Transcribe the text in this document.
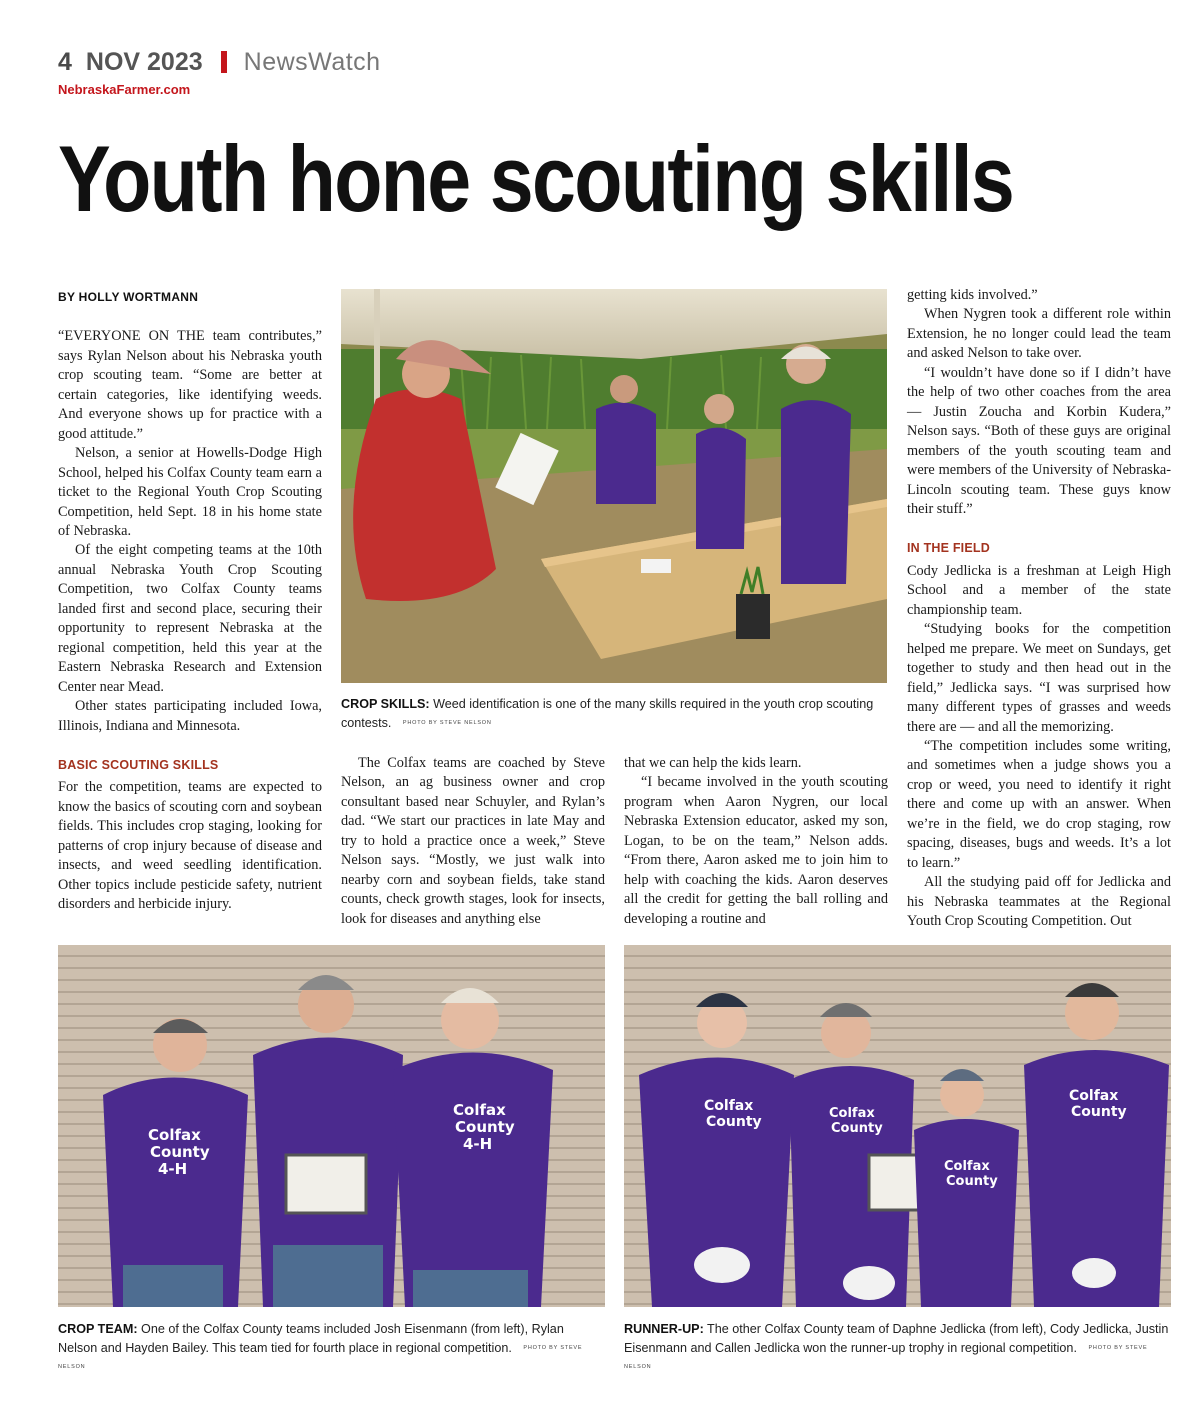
4 NOV 2023 NewsWatch
NebraskaFarmer.com
Youth hone scouting skills
BY HOLLY WORTMANN

“EVERYONE ON THE team contributes,” says Rylan Nelson about his Nebraska youth crop scouting team. “Some are better at certain categories, like identifying weeds. And everyone shows up for practice with a good attitude.”

Nelson, a senior at Howells-Dodge High School, helped his Colfax County team earn a ticket to the Regional Youth Crop Scouting Competition, held Sept. 18 in his home state of Nebraska.

Of the eight competing teams at the 10th annual Nebraska Youth Crop Scouting Competition, two Colfax County teams landed first and second place, securing their opportunity to represent Nebraska at the regional competition, held this year at the Eastern Nebraska Research and Extension Center near Mead.

Other states participating included Iowa, Illinois, Indiana and Minnesota.

BASIC SCOUTING SKILLS

For the competition, teams are expected to know the basics of scouting corn and soybean fields. This includes crop staging, looking for patterns of crop injury because of disease and insects, and weed seedling identification. Other topics include pesticide safety, nutrient disorders and herbicide injury.

CROP SKILLS: Weed identification is one of the many skills required in the youth crop scouting contests. PHOTO BY STEVE NELSON

The Colfax teams are coached by Steve Nelson, an ag business owner and crop consultant based near Schuyler, and Rylan’s dad. “We start our practices in late May and try to hold a practice once a week,” Steve Nelson says. “Mostly, we just walk into nearby corn and soybean fields, take stand counts, check growth stages, look for insects, look for diseases and anything else

that we can help the kids learn.

“I became involved in the youth scouting program when Aaron Nygren, our local Nebraska Extension educator, asked my son, Logan, to be on the team,” Nelson adds. “From there, Aaron asked me to join him to help with coaching the kids. Aaron deserves all the credit for getting the ball rolling and developing a routine and

getting kids involved.”

When Nygren took a different role within Extension, he no longer could lead the team and asked Nelson to take over.

“I wouldn’t have done so if I didn’t have the help of two other coaches from the area — Justin Zoucha and Korbin Kudera,” Nelson says. “Both of these guys are original members of the youth scouting team and were members of the University of Nebraska-Lincoln scouting team. These guys know their stuff.”

IN THE FIELD

Cody Jedlicka is a freshman at Leigh High School and a member of the state championship team.

“Studying books for the competition helped me prepare. We meet on Sundays, get together to study and then head out in the field,” Jedlicka says. “I was surprised how many different types of grasses and weeds there are — and all the memorizing.

“The competition includes some writing, and sometimes when a judge shows you a crop or weed, you need to identify it right there and come up with an answer. When we’re in the field, we do crop staging, row spacing, diseases, bugs and weeds. It’s a lot to learn.”

All the studying paid off for Jedlicka and his Nebraska teammates at the Regional Youth Crop Scouting Competition. Out

Colfax
County
4-H
Colfax
County
4-H
CROP TEAM: One of the Colfax County teams included Josh Eisenmann (from left), Rylan Nelson and Hayden Bailey. This team tied for fourth place in regional competition. PHOTO BY STEVE NELSON
Colfax
County
Colfax
County
Colfax
County
Colfax
County
RUNNER-UP: The other Colfax County team of Daphne Jedlicka (from left), Cody Jedlicka, Justin Eisenmann and Callen Jedlicka won the runner-up trophy in regional competition. PHOTO BY STEVE NELSON
